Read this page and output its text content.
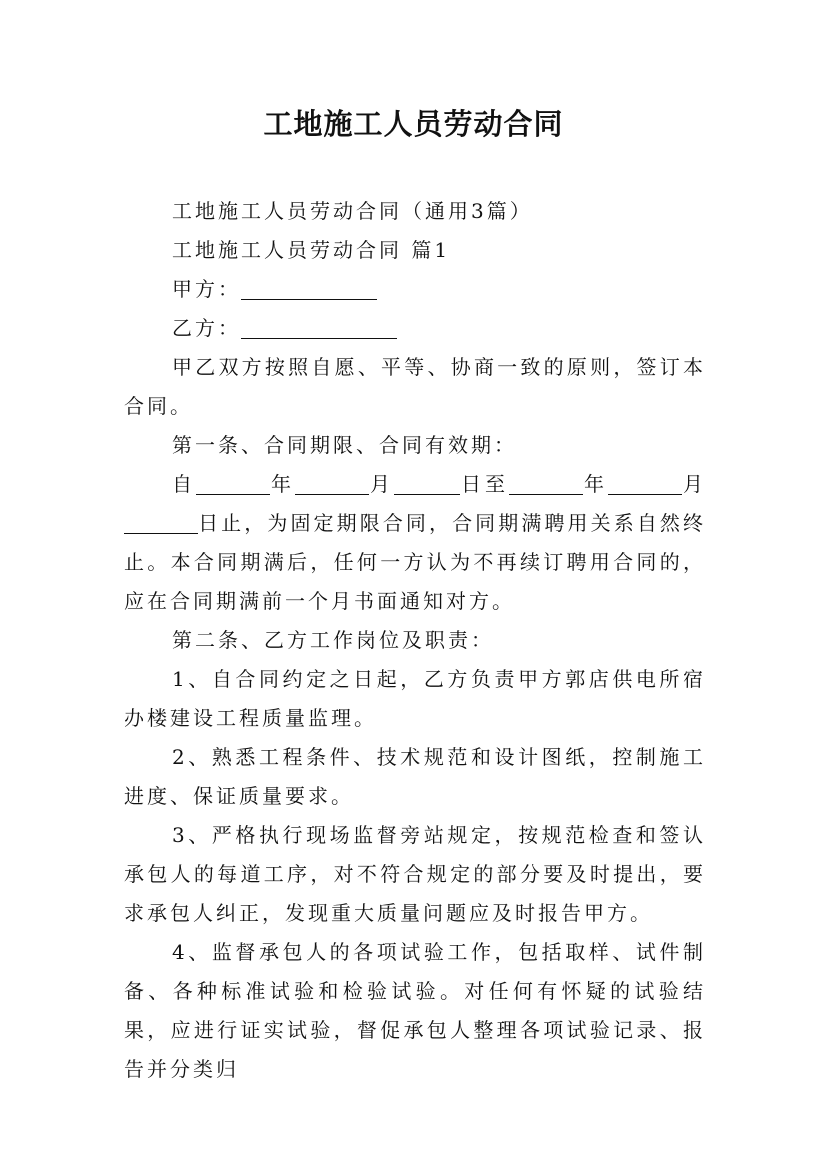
工地施工人员劳动合同

工地施工人员劳动合同（通用3篇）

工地施工人员劳动合同 篇1

甲方：

乙方：

甲乙双方按照自愿、平等、协商一致的原则，签订本合同。

第一条、合同期限、合同有效期：

自	年	月	日至	年	月日止，为固定期限合同，合同期满聘用关系自然终止。本合同期满后，任何一方认为不再续订聘用合同的，应在合同期满前一个月书面通知对方。

第二条、乙方工作岗位及职责：

1、自合同约定之日起，乙方负责甲方郭店供电所宿办楼建设工程质量监理。

2、熟悉工程条件、技术规范和设计图纸，控制施工进度、保证质量要求。

3、严格执行现场监督旁站规定，按规范检查和签认承包人的每道工序，对不符合规定的部分要及时提出，要求承包人纠正，发现重大质量问题应及时报告甲方。

4、监督承包人的各项试验工作，包括取样、试件制备、各种标准试验和检验试验。对任何有怀疑的试验结果，应进行证实试验，督促承包人整理各项试验记录、报告并分类归
